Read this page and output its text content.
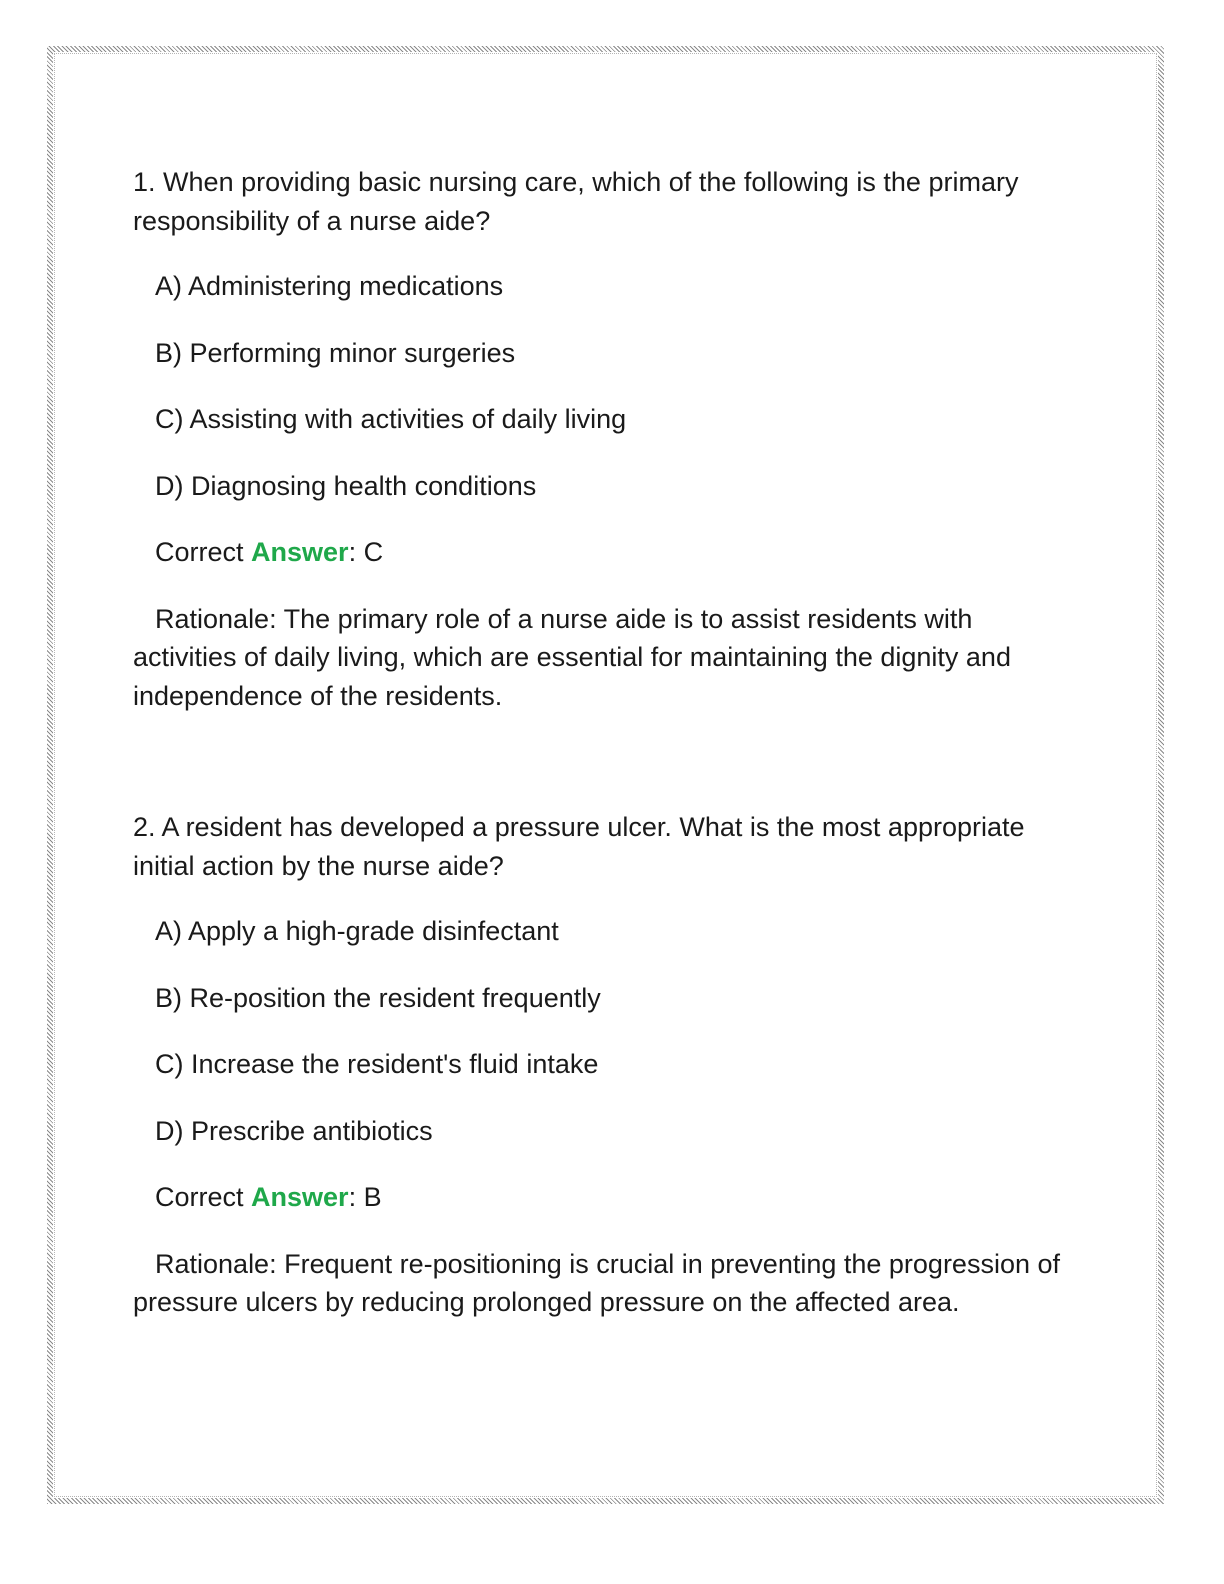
1. When providing basic nursing care, which of the following is the primary responsibility of a nurse aide?

A) Administering medications

B) Performing minor surgeries

C) Assisting with activities of daily living

D) Diagnosing health conditions

Correct Answer: C

Rationale: The primary role of a nurse aide is to assist residents with activities of daily living, which are essential for maintaining the dignity and independence of the residents.

2. A resident has developed a pressure ulcer. What is the most appropriate initial action by the nurse aide?

A) Apply a high-grade disinfectant

B) Re-position the resident frequently

C) Increase the resident's fluid intake

D) Prescribe antibiotics

Correct Answer: B

Rationale: Frequent re-positioning is crucial in preventing the progression of pressure ulcers by reducing prolonged pressure on the affected area.
